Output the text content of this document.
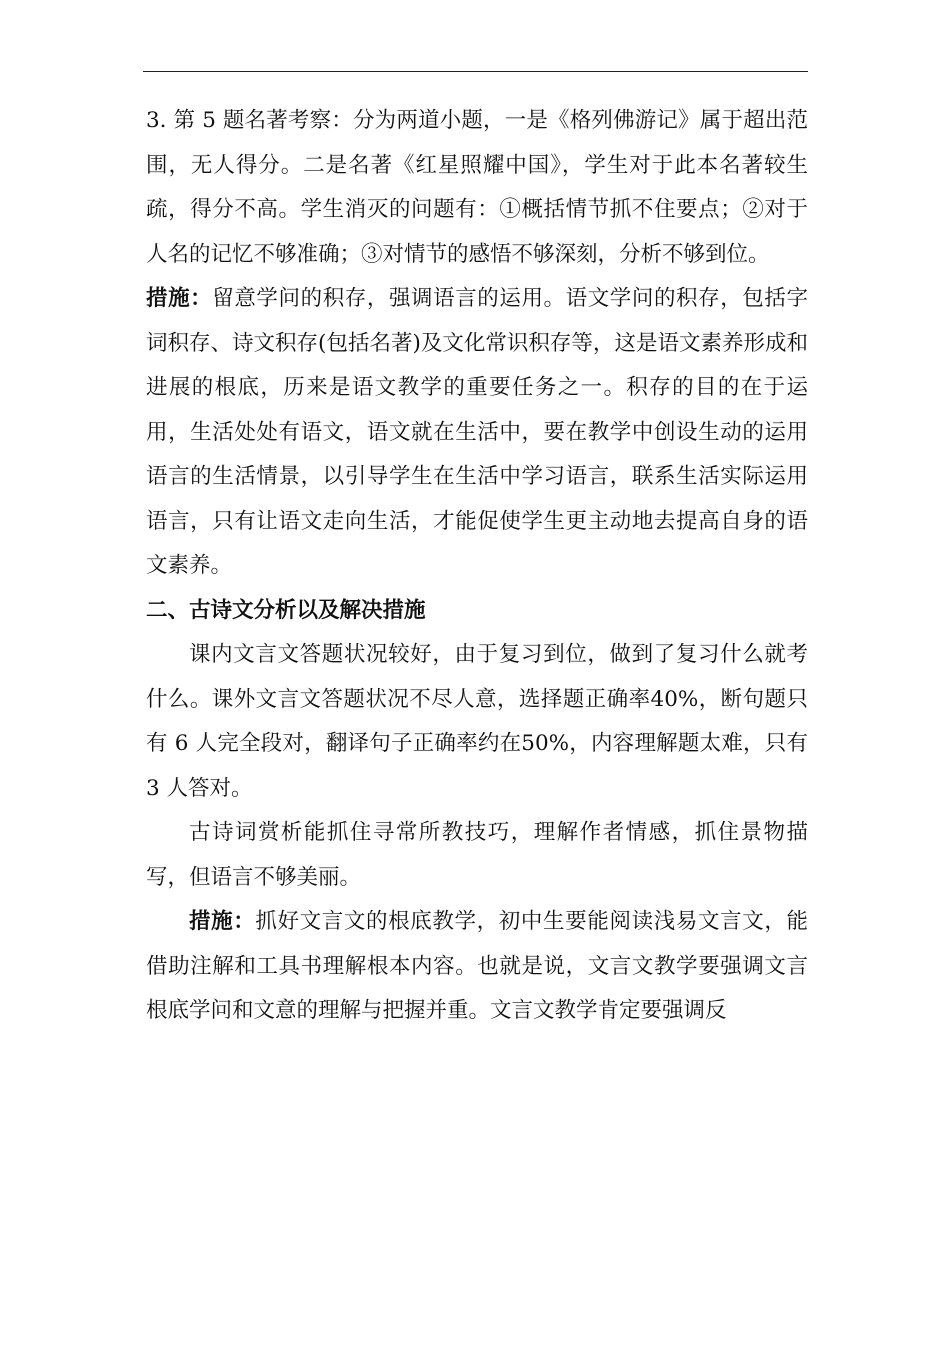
3. 第 5 题名著考察：分为两道小题，一是《格列佛游记》属于超出范围，无人得分。二是名著《红星照耀中国》，学生对于此本名著较生疏，得分不高。学生消灭的问题有：①概括情节抓不住要点；②对于人名的记忆不够准确；③对情节的感悟不够深刻，分析不够到位。

措施：留意学问的积存，强调语言的运用。语文学问的积存，包括字词积存、诗文积存(包括名著)及文化常识积存等，这是语文素养形成和进展的根底，历来是语文教学的重要任务之一。积存的目的在于运用，生活处处有语文，语文就在生活中，要在教学中创设生动的运用语言的生活情景，以引导学生在生活中学习语言，联系生活实际运用语言，只有让语文走向生活，才能促使学生更主动地去提高自身的语文素养。

二、古诗文分析以及解决措施

课内文言文答题状况较好，由于复习到位，做到了复习什么就考什么。课外文言文答题状况不尽人意，选择题正确率40%，断句题只有 6 人完全段对，翻译句子正确率约在50%，内容理解题太难，只有 3 人答对。

古诗词赏析能抓住寻常所教技巧，理解作者情感，抓住景物描写，但语言不够美丽。

措施：抓好文言文的根底教学，初中生要能阅读浅易文言文，能借助注解和工具书理解根本内容。也就是说，文言文教学要强调文言根底学问和文意的理解与把握并重。文言文教学肯定要强调反
